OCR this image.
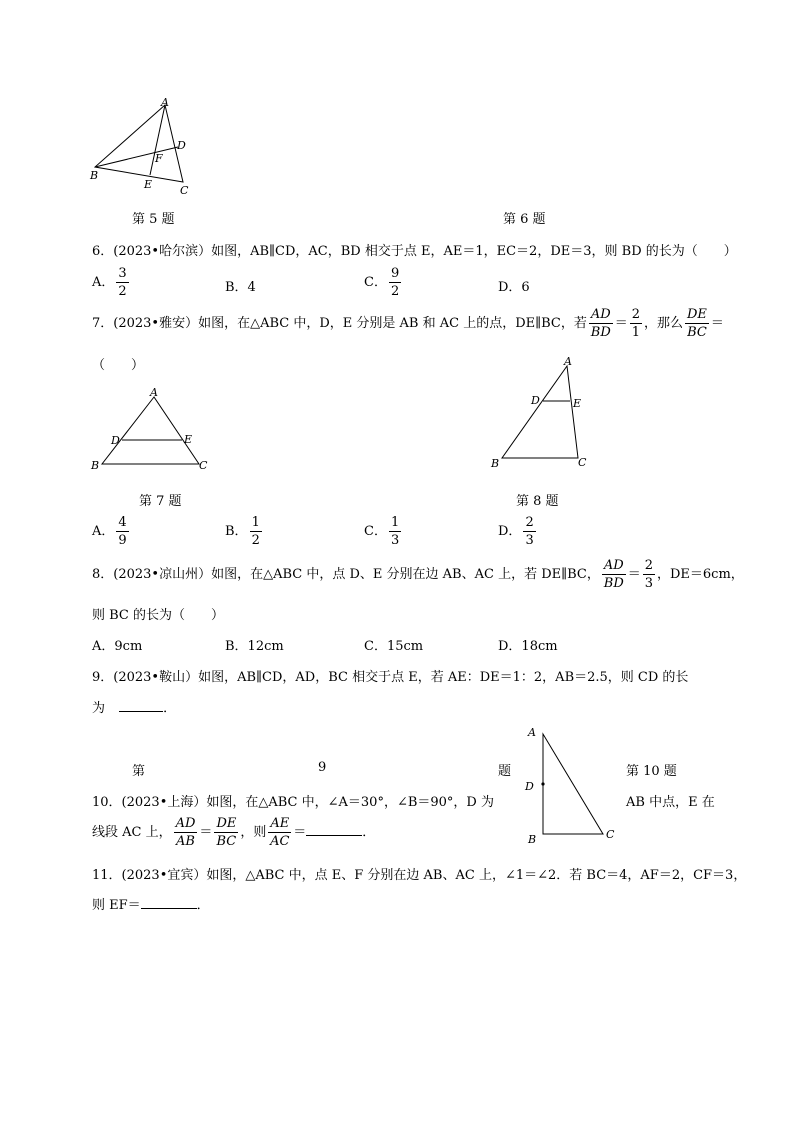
A
B
C
D
E
F
第 5 题	第 6 题
6．(2023•哈尔滨）如图，AB∥CD，AC，BD 相交于点 E，AE＝1，EC＝2，DE＝3，则 BD 的长为（　　）
A． $\frac{3}{2}$	B．4	C． $\frac{9}{2}$	D．6
7．(2023•雅安）如图，在△ABC 中，D，E 分别是 AB 和 AC 上的点，DE∥BC，若 $\frac{AD}{BD} = \frac{2}{1}$ ，那么 $\frac{DE}{BC}$ ＝
（　　）
A
B	C
D	E
A
B	C
D	E
第 7 题	第 8 题
A． $\frac{4}{9}$	B． $\frac{1}{2}$	C． $\frac{1}{3}$	D． $\frac{2}{3}$
8．(2023•凉山州）如图，在△ABC 中，点 D、E 分别在边 AB、AC 上，若 DE∥BC， $\frac{AD}{BD} = \frac{2}{3}$ ，DE＝6cm，
则 BC 的长为（　　）
A．9cm	B．12cm	C．15cm	D．18cm
9．(2023•鞍山）如图，AB∥CD，AD，BC 相交于点 E，若 AE：DE＝1：2，AB＝2.5，则 CD 的长
为	．
A
B	C
D
第	9	题	第 10 题
10．(2023•上海）如图，在△ABC 中，∠A＝30°，∠B＝90°，D 为	AB 中点，E 在
线段 AC 上， $\frac{AD}{AB} = \frac{DE}{BC}$ ，则 $\frac{AE}{AC}$ ＝	．
11．(2023•宜宾）如图，△ABC 中，点 E、F 分别在边 AB、AC 上，∠1＝∠2．若 BC＝4，AF＝2，CF＝3，
则 EF＝	．
